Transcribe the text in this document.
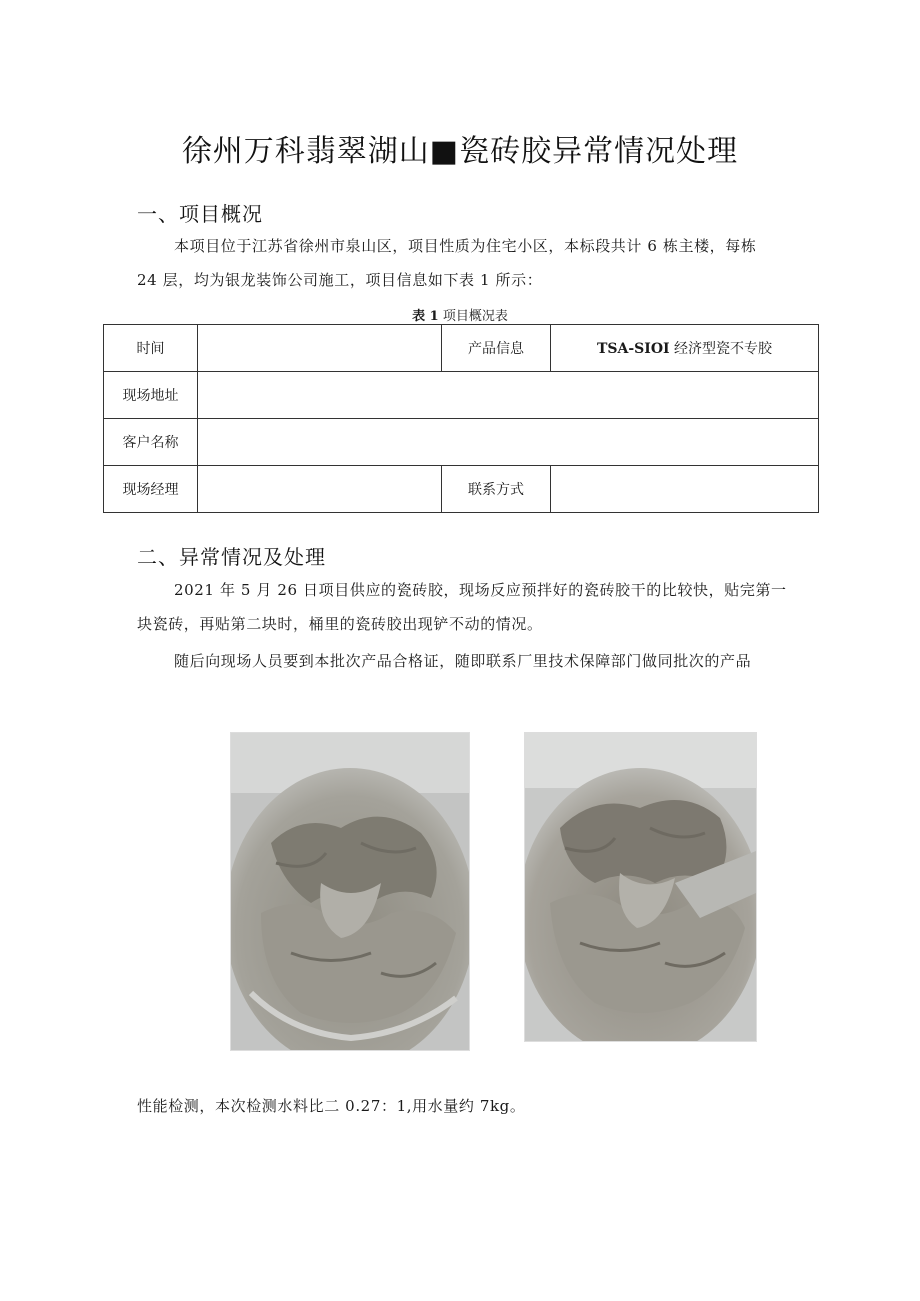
徐州万科翡翠湖山■瓷砖胶异常情况处理
一、项目概况
本项目位于江苏省徐州市泉山区，项目性质为住宅小区，本标段共计 6 栋主楼，每栋
24 层，均为银龙装饰公司施工，项目信息如下表 1 所示：
表 1 项目概况表
时间		产品信息	TSA-SIOI 经济型瓷不专胶
现场地址			
客户名称			
现场经理		联系方式	
二、异常情况及处理
2021 年 5 月 26 日项目供应的瓷砖胶，现场反应预拌好的瓷砖胶干的比较快，贴完第一
块瓷砖，再贴第二块时，桶里的瓷砖胶出现铲不动的情况。
随后向现场人员要到本批次产品合格证，随即联系厂里技术保障部门做同批次的产品
性能检测，本次检测水料比二 0.27：1,用水量约 7kg。
